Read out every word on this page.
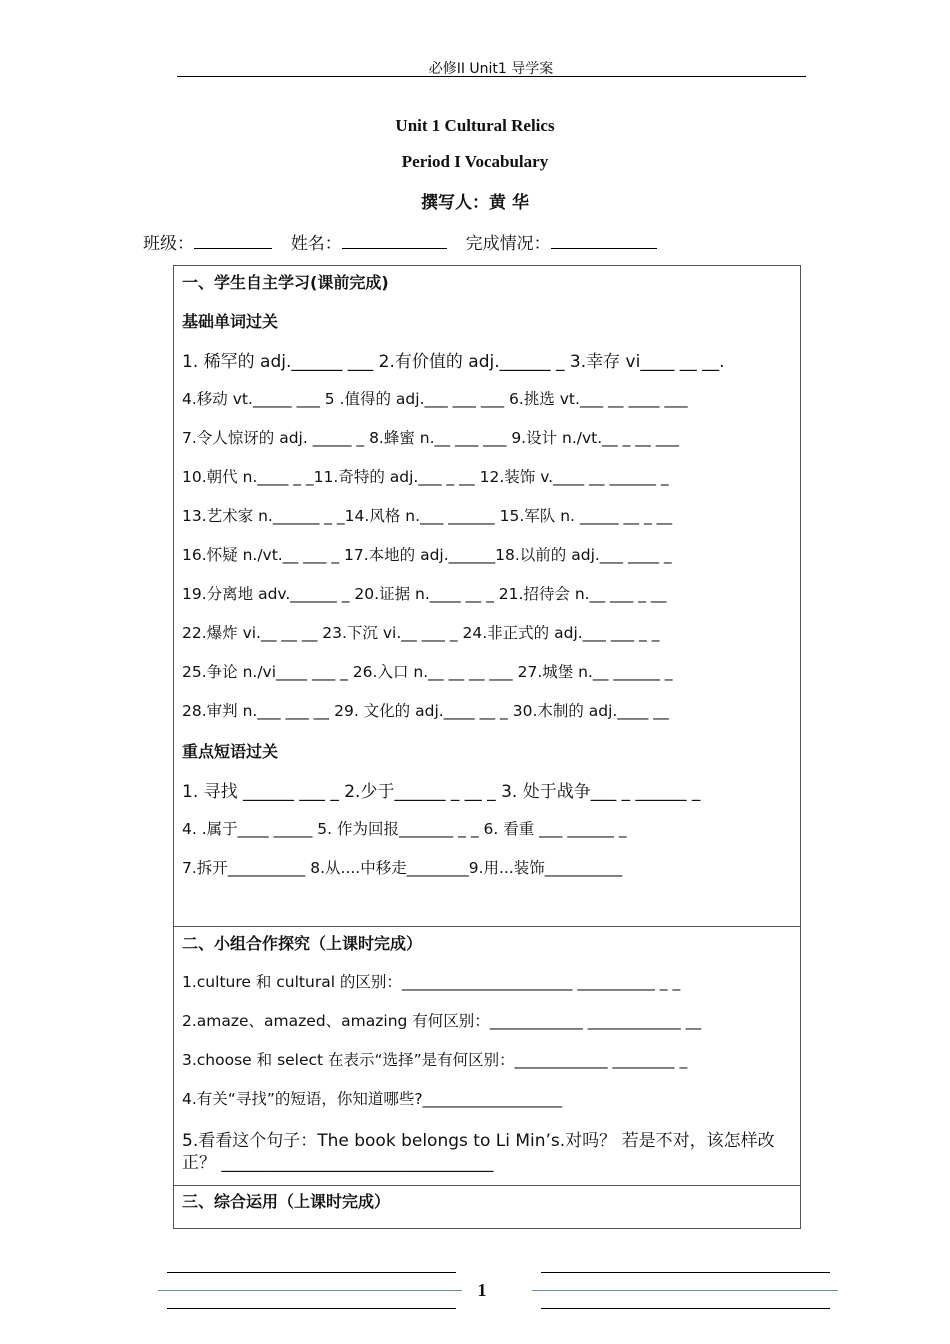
必修II Unit1 导学案
Unit 1 Cultural Relics
Period I Vocabulary
撰写人：黄 华
班级：	姓名：	完成情况：
一、学生自主学习(课前完成)
基础单词过关
1. 稀罕的 adj.______ ___ 2.有价值的 adj.______ _ 3.幸存 vi____ __ __.
4.移动 vt._____ ___ 5 .值得的 adj.___ ___ ___ 6.挑选 vt.___ __ ____ ___
7.令人惊讶的 adj. _____ _ 8.蜂蜜 n.__ ___ ___ 9.设计 n./vt.__ _ __ ___
10.朝代 n.____ _ _11.奇特的 adj.___ _ __ 12.装饰 v.____ __ ______ _
13.艺术家 n.______ _ _14.风格 n.___ ______ 15.军队 n. _____ __ _ __
16.怀疑 n./vt.__ ___ _ 17.本地的 adj.______18.以前的 adj.___ ____ _
19.分离地 adv.______ _ 20.证据 n.____ __ _ 21.招待会 n.__ ___ _ __
22.爆炸 vi.__ __ __ 23.下沉 vi.__ ___ _ 24.非正式的 adj.___ ___ _ _
25.争论 n./vi____ ___ _ 26.入口 n.__ __ __ ___ 27.城堡 n.__ ______ _
28.审判 n.___ ___ __ 29. 文化的 adj.____ __ _ 30.木制的 adj.____ __
重点短语过关
1. 寻找 ______ ___ _ 2.少于______ _ __ _ 3. 处于战争___ _ ______ _
4. .属于____ _____ 5. 作为回报_______ _ _ 6. 看重 ___ ______ _
7.拆开__________ 8.从....中移走________9.用...装饰__________
二、小组合作探究（上课时完成）
1.culture 和 cultural 的区别：______________________ __________ _ _
2.amaze、amazed、amazing 有何区别：____________ ____________ __
3.choose 和 select 在表示“选择”是有何区别：____________ ________ _
4.有关“寻找”的短语，你知道哪些?__________________
5.看看这个句子：The book belongs to Li Min’s.对吗？ 若是不对，该怎样改
正？ ________________________________
三、综合运用（上课时完成）
1
